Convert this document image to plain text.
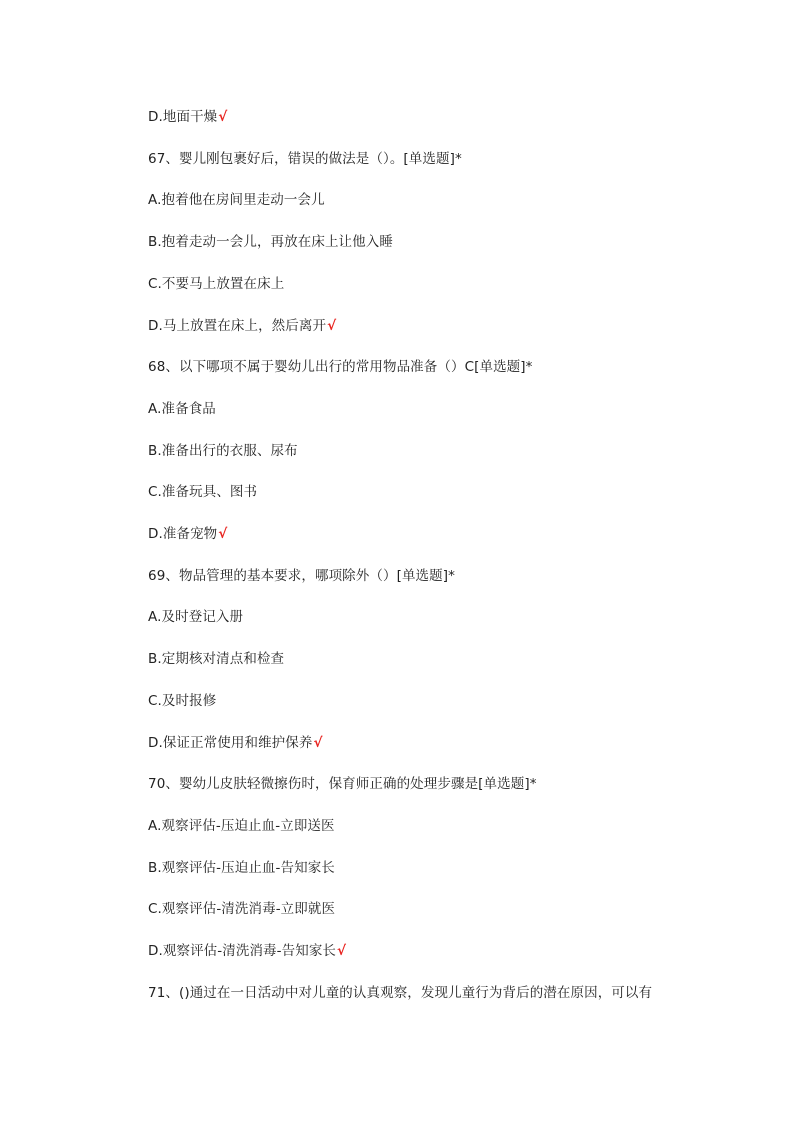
D.地面干燥√
67、婴儿刚包裹好后，错误的做法是（）。[单选题]*
A.抱着他在房间里走动一会儿
B.抱着走动一会儿，再放在床上让他入睡
C.不要马上放置在床上
D.马上放置在床上，然后离开√
68、以下哪项不属于婴幼儿出行的常用物品准备（）C[单选题]*
A.准备食品
B.准备出行的衣服、尿布
C.准备玩具、图书
D.准备宠物√
69、物品管理的基本要求，哪项除外（）[单选题]*
A.及时登记入册
B.定期核对清点和检查
C.及时报修
D.保证正常使用和维护保养√
70、婴幼儿皮肤轻微擦伤时，保育师正确的处理步骤是[单选题]*
A.观察评估-压迫止血-立即送医
B.观察评估-压迫止血-告知家长
C.观察评估-清洗消毒-立即就医
D.观察评估-清洗消毒-告知家长√
71、()通过在一日活动中对儿童的认真观察，发现儿童行为背后的潜在原因，可以有
